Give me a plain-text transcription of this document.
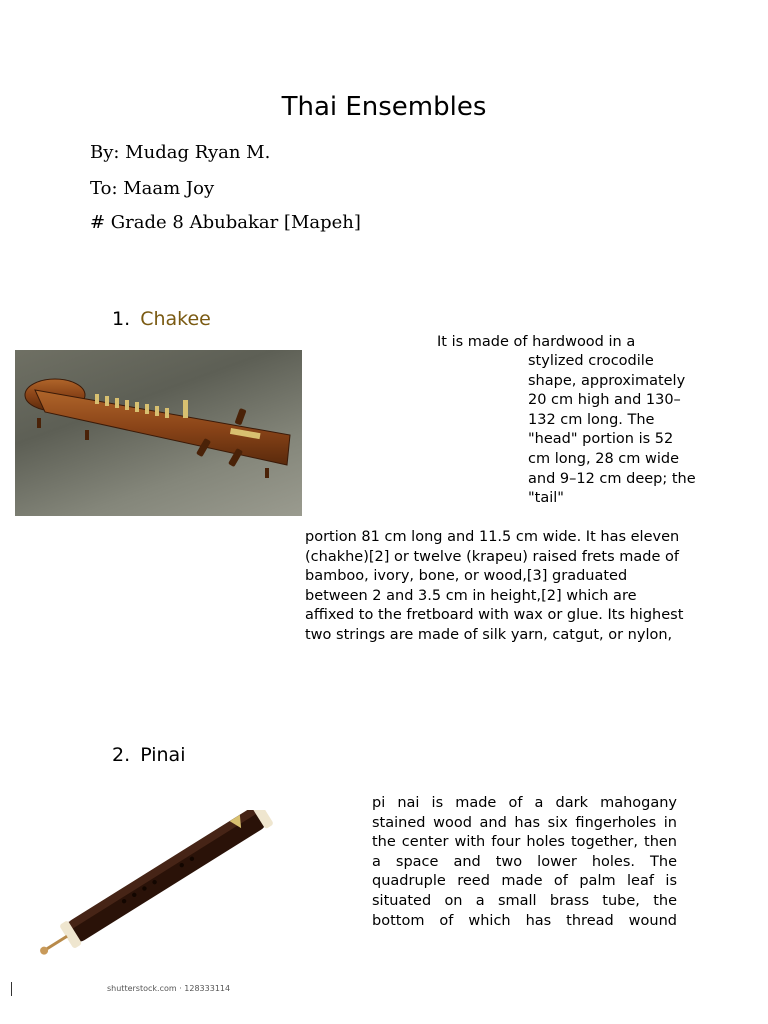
Thai Ensembles
By: Mudag Ryan M.
To: Maam Joy
# Grade 8 Abubakar [Mapeh]
1. Chakee
It is made of hardwood in a
stylized crocodile shape, approximately 20 cm high and 130–132 cm long. The "head" portion is 52 cm long, 28 cm wide and 9–12 cm deep; the "tail"
portion 81 cm long and 11.5 cm wide. It has eleven (chakhe)[2] or twelve (krapeu) raised frets made of bamboo, ivory, bone, or wood,[3] graduated between 2 and 3.5 cm in height,[2] which are affixed to the fretboard with wax or glue. Its highest two strings are made of silk yarn, catgut, or nylon,
2. Pinai
pi nai is made of a dark mahogany stained wood and has six fingerholes in the center with four holes together, then a space and two lower holes. The quadruple reed made of palm leaf is situated on a small brass tube, the bottom of which has thread wound
shutterstock.com · 128333114
